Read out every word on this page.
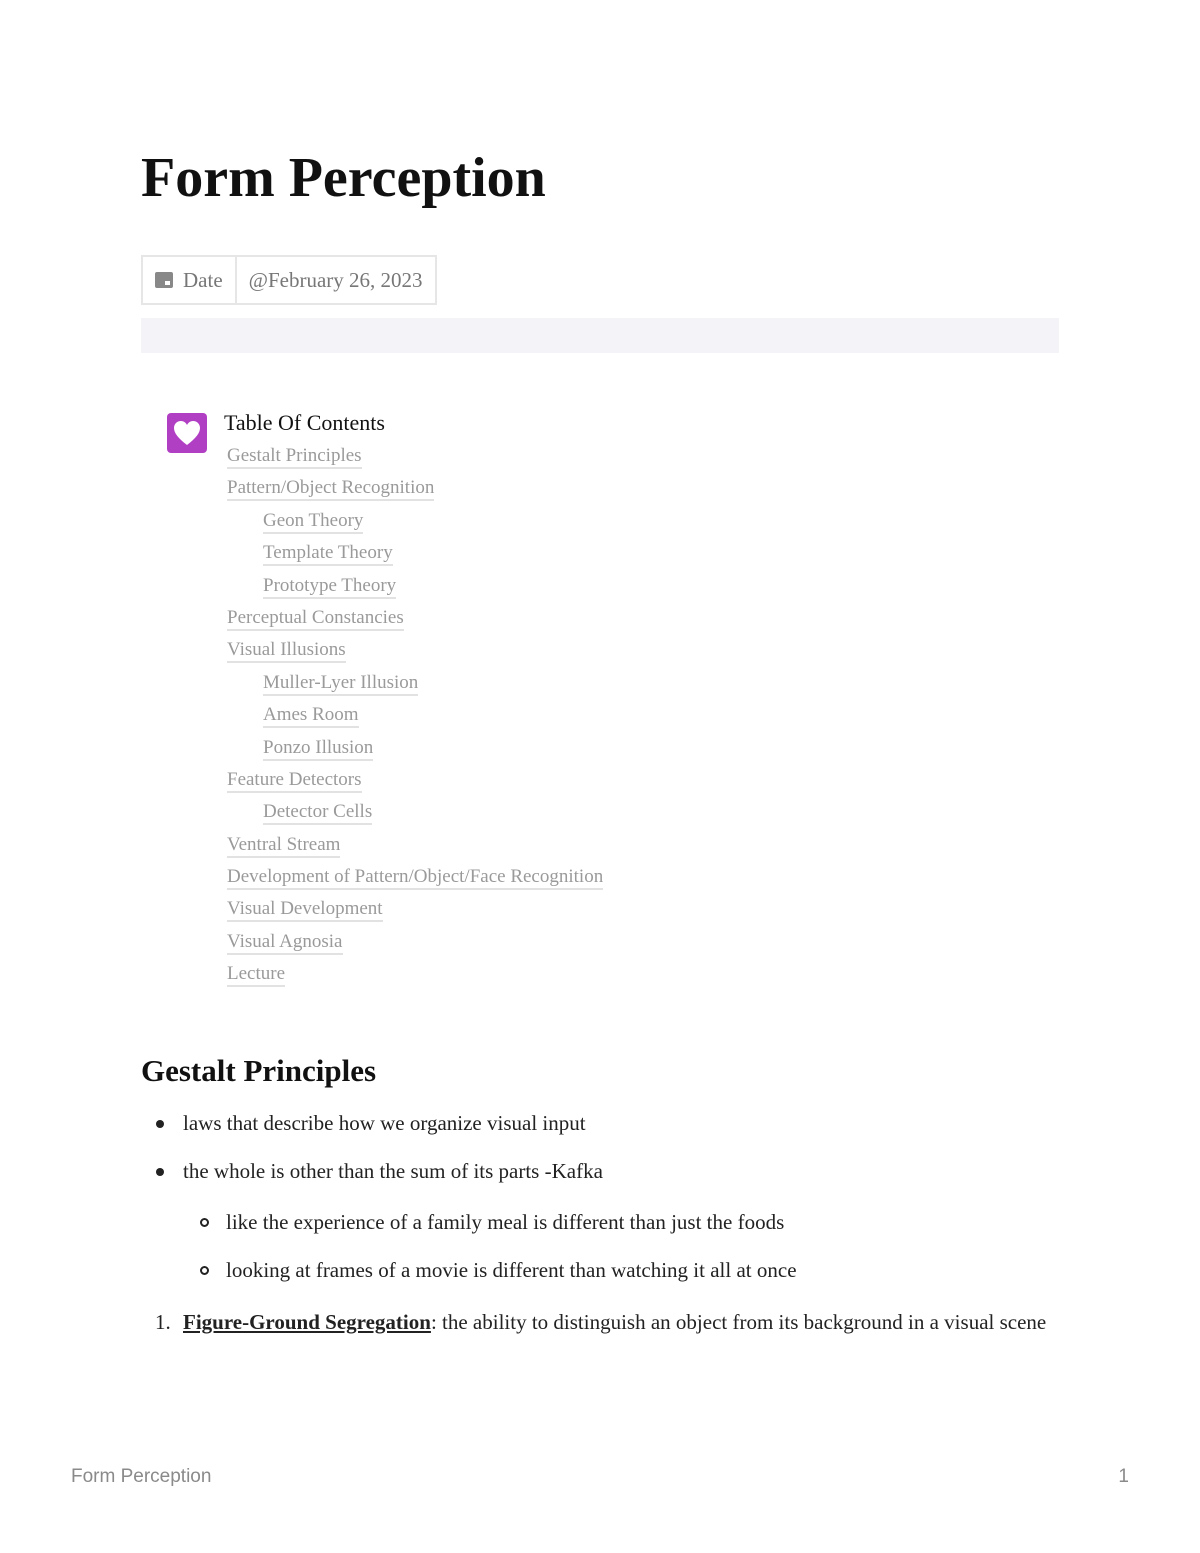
Form Perception
Date	@February 26, 2023
Table Of Contents
Gestalt Principles
Pattern/Object Recognition
Geon Theory
Template Theory
Prototype Theory
Perceptual Constancies
Visual Illusions
Muller-Lyer Illusion
Ames Room
Ponzo Illusion
Feature Detectors
Detector Cells
Ventral Stream
Development of Pattern/Object/Face Recognition
Visual Development
Visual Agnosia
Lecture
Gestalt Principles
laws that describe how we organize visual input
the whole is other than the sum of its parts -Kafka
like the experience of a family meal is different than just the foods
looking at frames of a movie is different than watching it all at once
1. Figure-Ground Segregation: the ability to distinguish an object from its background in a visual scene
Form Perception	1
